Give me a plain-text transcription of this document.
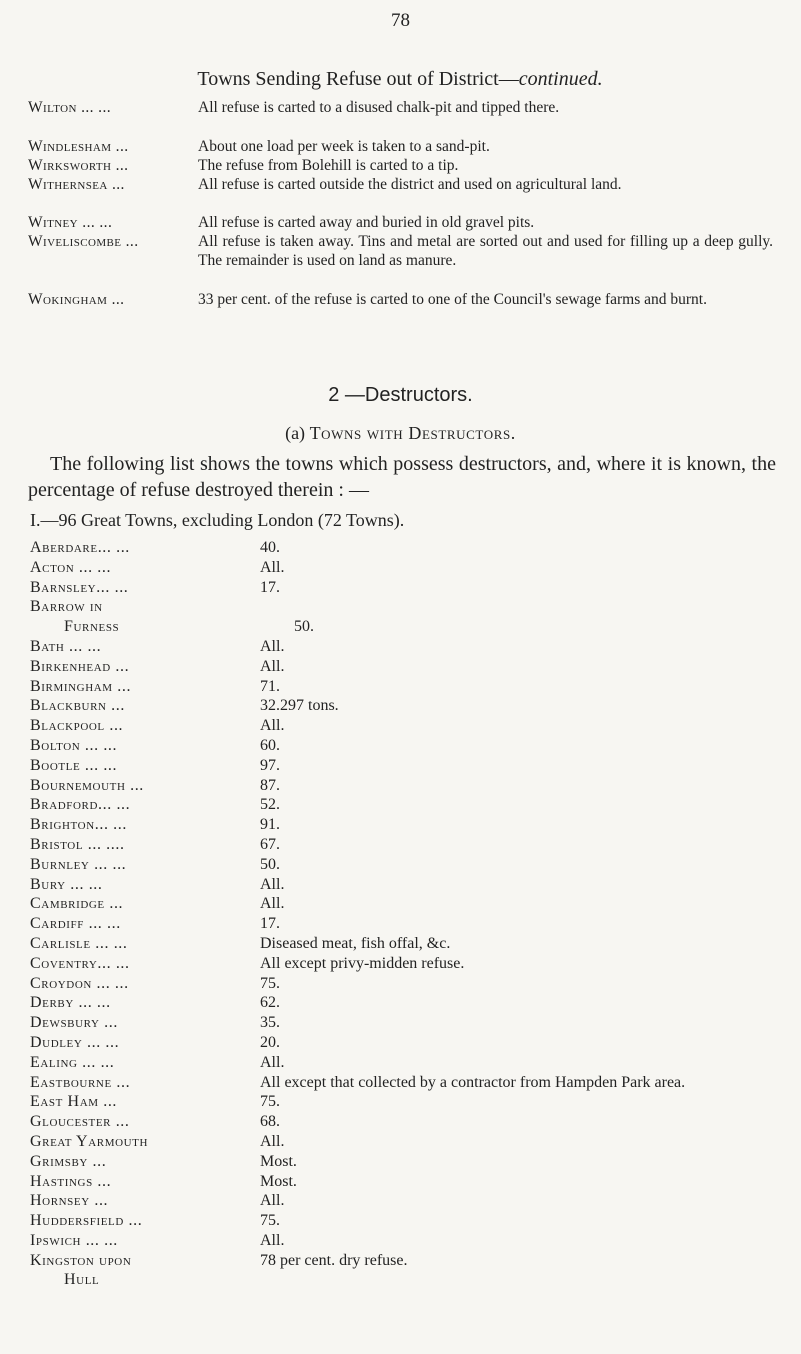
78
Towns Sending Refuse out of District—continued.
Wilton ... ...	All refuse is carted to a disused chalk-pit and tipped there.
Windlesham ...	About one load per week is taken to a sand-pit.
Wirksworth ...	The refuse from Bolehill is carted to a tip.
Withernsea ...	All refuse is carted outside the district and used on agricultural land.
Witney ... ...	All refuse is carted away and buried in old gravel pits.
Wiveliscombe ...	All refuse is taken away. Tins and metal are sorted out and used for filling up a deep gully. The remainder is used on land as manure.
Wokingham ...	33 per cent. of the refuse is carted to one of the Council's sewage farms and burnt.
2 —Destructors.
(a) Towns with Destructors.
The following list shows the towns which possess destructors, and, where it is known, the percentage of refuse destroyed therein : —
I.—96 Great Towns, excluding London (72 Towns).
Aberdare... ...	40.
Acton ... ...	All.
Barnsley... ...	17.
Barrow in
Furness	50.
Bath ... ...	All.
Birkenhead ...	All.
Birmingham ...	71.
Blackburn ...	32.297 tons.
Blackpool ...	All.
Bolton ... ...	60.
Bootle ... ...	97.
Bournemouth ...	87.
Bradford... ...	52.
Brighton... ...	91.
Bristol ... ....	67.
Burnley ... ...	50.
Bury ... ...	All.
Cambridge ...	All.
Cardiff ... ...	17.
Carlisle ... ...	Diseased meat, fish offal, &c.
Coventry... ...	All except privy-midden refuse.
Croydon ... ...	75.
Derby ... ...	62.
Dewsbury ...	35.
Dudley ... ...	20.
Ealing ... ...	All.
Eastbourne ...	All except that collected by a contractor from Hampden Park area.
East Ham ...	75.
Gloucester ...	68.
Great Yarmouth	All.
Grimsby ...	Most.
Hastings ...	Most.
Hornsey ...	All.
Huddersfield ...	75.
Ipswich ... ...	All.
Kingston upon	78 per cent. dry refuse.
Hull
